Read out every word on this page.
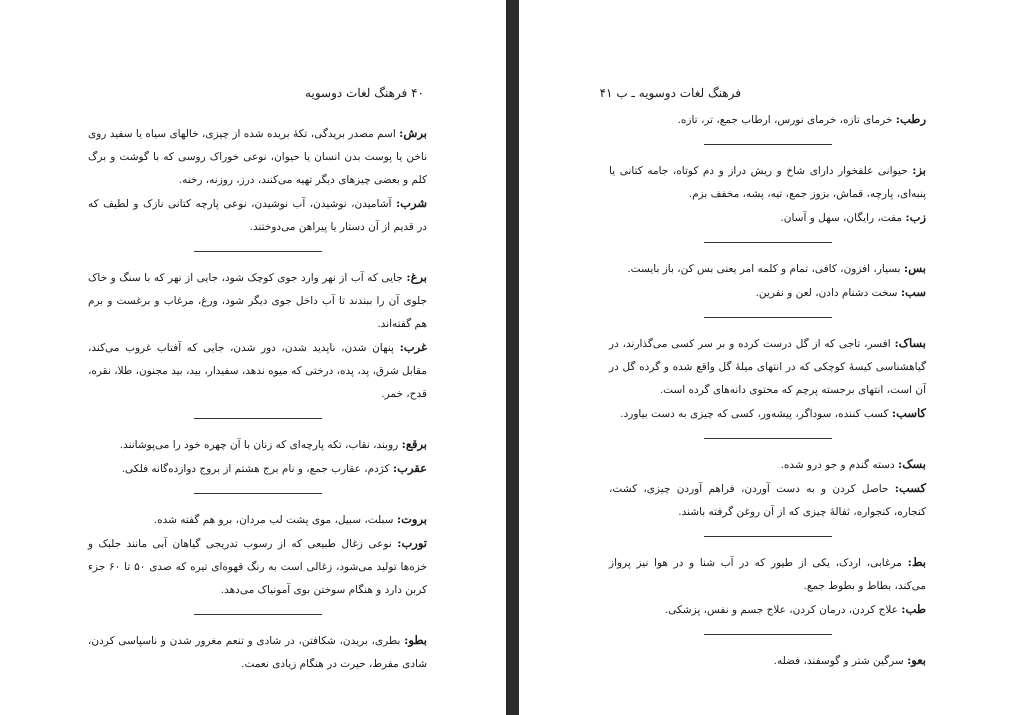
۴۰ فرهنگ لغات دوسویه

برش: اسم مصدر بریدگی، تکهٔ بریده شده از چیزی، خالهای سیاه یا سفید روی ناخن یا پوست بدن انسان یا حیوان، نوعی خوراک روسی که با گوشت و برگ کلم و بعضی چیزهای دیگر تهیه می‌کنند، درز، روزنه، رخنه.

شرب: آشامیدن، نوشیدن، آب نوشیدن، نوعی پارچه کتانی نازک و لطیف که در قدیم از آن دستار یا پیراهن می‌دوختند.

برغ: جایی که آب از نهر وارد جوی کوچک شود، جایی از نهر که با سنگ و خاک جلوی آن را ببندند تا آب داخل جوی دیگر شود، ورغ، مرغاب و برغست و برم هم گفته‌اند.

غرب: پنهان شدن، ناپدید شدن، دور شدن، جایی که آفتاب غروب می‌کند، مقابل شرق، پد، پده، درختی که میوه ندهد، سفیدار، بید، بید مجنون، طلا، نقره، قدح، خمر.

برقع: روبند، نقاب، تکه پارچه‌ای که زنان با آن چهره خود را می‌پوشانند.

عقرب: کژدم، عقارب جمع، و نام برج هشتم از بروج دوازده‌گانه فلکی.

بروت: سبلت، سبیل، موی پشت لب مردان، برو هم گفته شده.

تورب: نوعی زغال طبیعی که از رسوب تدریجی گیاهان آبی مانند جلبک و خزه‌ها تولید می‌شود، زغالی است به رنگ قهوه‌ای تیره که صدی ۵۰ تا ۶۰ جزء کربن دارد و هنگام سوختن بوی آمونیاک می‌دهد.

بطو: بطری، بریدن، شکافتن، در شادی و تنعم مغرور شدن و ناسپاسی کردن، شادی مفرط، حیرت در هنگام زیادی نعمت.

فرهنگ لغات دوسویه ـ ب ۴۱

رطب: خرمای تازه، خرمای نورس، ارطاب جمع، تر، تازه.

بز: حیوانی علفخوار دارای شاخ و ریش دراز و دم کوتاه، جامه کتانی یا پنبه‌ای، پارچه، قماش، بزوز جمع، تیه، پشه، مخفف بزم.

زب: مفت، رایگان، سهل و آسان.

بس: بسیار، افزون، کافی، تمام و کلمه امر یعنی بس کن، باز بایست.

سب: سخت دشنام دادن، لعن و نفرین.

بساک: افسر، تاجی که از گل درست کرده و بر سر کسی می‌گذارند، در گیاهشناسی کیسهٔ کوچکی که در انتهای میلهٔ گل واقع شده و گرده گل در آن است، انتهای برجسته پرچم که محتوی دانه‌های گرده است.

کاسب: کسب کننده، سوداگر، پیشه‌ور، کسی که چیزی به دست بیاورد.

بسک: دسته گندم و جو درو شده.

کسب: حاصل کردن و به دست آوردن، فراهم آوردن چیزی، کشت، کنجاره، کنجواره، ثفالهٔ چیزی که از آن روغن گرفته باشند.

بط: مرغابی، اردک، یکی از طیور که در آب شنا و در هوا نیز پرواز می‌کند، بطاط و بطوط جمع.

طب: علاج کردن، درمان کردن، علاج جسم و نفس، پزشکی.

بعو: سرگین شتر و گوسفند، فضله.
